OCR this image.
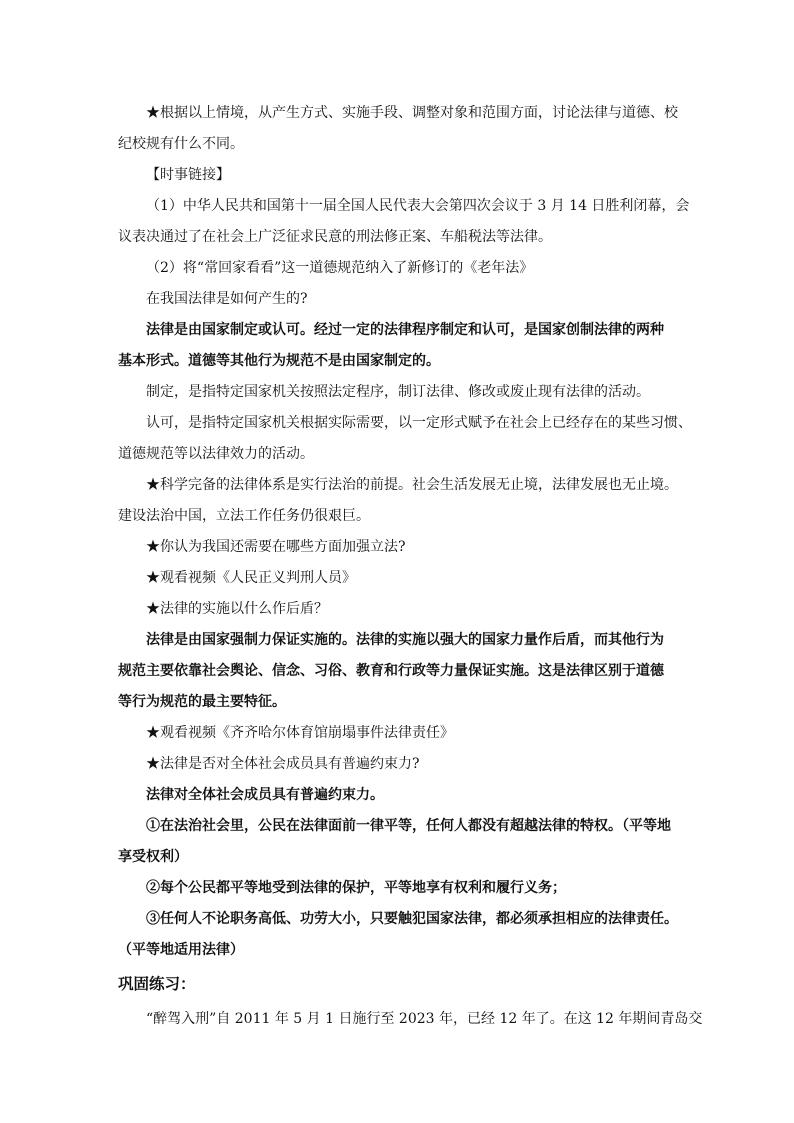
★根据以上情境，从产生方式、实施手段、调整对象和范围方面，讨论法律与道德、校

纪校规有什么不同。

【时事链接】

（1）中华人民共和国第十一届全国人民代表大会第四次会议于 3 月 14 日胜利闭幕，会

议表决通过了在社会上广泛征求民意的刑法修正案、车船税法等法律。

（2）将“常回家看看”这一道德规范纳入了新修订的《老年法》

在我国法律是如何产生的?

法律是由国家制定或认可。经过一定的法律程序制定和认可，是国家创制法律的两种

基本形式。道德等其他行为规范不是由国家制定的。

制定，是指特定国家机关按照法定程序，制订法律、修改或废止现有法律的活动。

认可，是指特定国家机关根据实际需要，以一定形式赋予在社会上已经存在的某些习惯、

道德规范等以法律效力的活动。

★科学完备的法律体系是实行法治的前提。社会生活发展无止境，法律发展也无止境。

建设法治中国，立法工作任务仍很艰巨。

★你认为我国还需要在哪些方面加强立法?

★观看视频《人民正义判刑人员》

★法律的实施以什么作后盾？

法律是由国家强制力保证实施的。法律的实施以强大的国家力量作后盾，而其他行为

规范主要依靠社会舆论、信念、习俗、教育和行政等力量保证实施。这是法律区别于道德

等行为规范的最主要特征。

★观看视频《齐齐哈尔体育馆崩塌事件法律责任》

★法律是否对全体社会成员具有普遍约束力?

法律对全体社会成员具有普遍约束力。

①在法治社会里，公民在法律面前一律平等，任何人都没有超越法律的特权。（平等地

享受权利）

②每个公民都平等地受到法律的保护，平等地享有权利和履行义务；

③任何人不论职务高低、功劳大小，只要触犯国家法律，都必须承担相应的法律责任。

（平等地适用法律）

巩固练习：

“醉驾入刑”自 2011 年 5 月 1 日施行至 2023 年，已经 12 年了。在这 12 年期间青岛交
